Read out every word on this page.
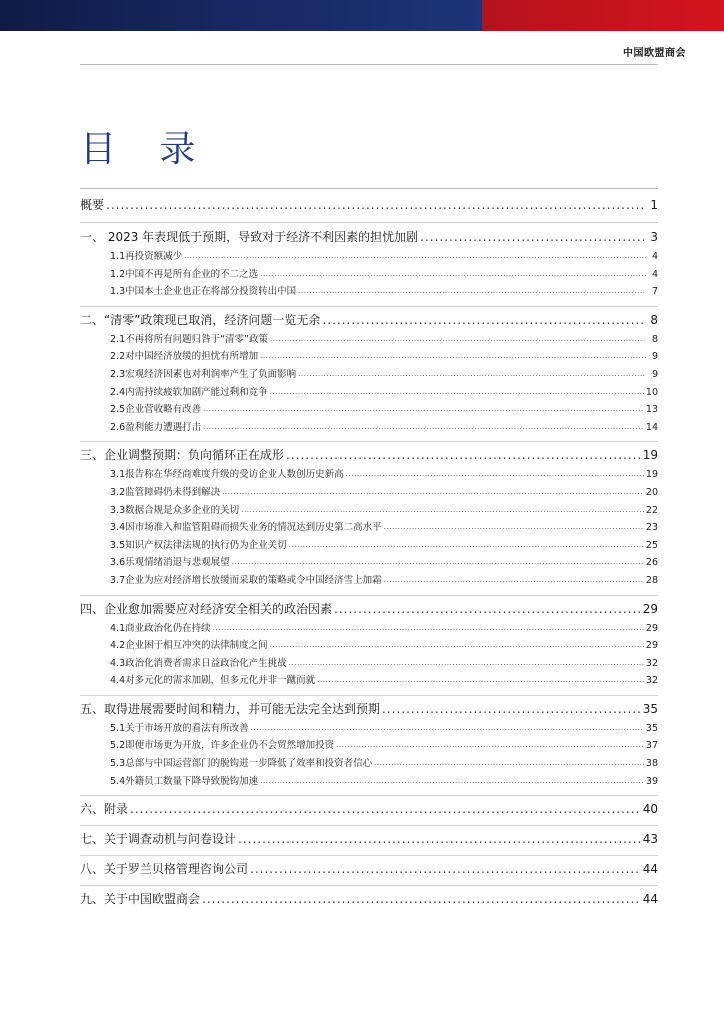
中国欧盟商会
目 录
概要 .....	1
一、 2023 年表现低于预期，导致对于经济不利因素的担忧加剧 .....	3
1.1 再投资额减少 .....	4
1.2 中国不再是所有企业的不二之选 .....	4
1.3 中国本土企业也正在将部分投资转出中国 .....	7
二、“清零”政策现已取消，经济问题一览无余 .....	8
2.1 不再将所有问题归咎于“清零”政策 .....	8
2.2 对中国经济放缓的担忧有所增加 .....	9
2.3 宏观经济因素也对利润率产生了负面影响 .....	9
2.4 内需持续疲软加剧产能过剩和竞争 .....	10
2.5 企业营收略有改善 .....	13
2.6 盈利能力遭遇打击 .....	14
三、企业调整预期：负向循环正在成形 .....	19
3.1 报告称在华经商难度升级的受访企业人数创历史新高 .....	19
3.2 监管障碍仍未得到解决 .....	20
3.3 数据合规是众多企业的关切 .....	22
3.4 因市场准入和监管阻碍而损失业务的情况达到历史第二高水平 .....	23
3.5 知识产权法律法规的执行仍为企业关切 .....	25
3.6 乐观情绪消退与悲观展望 .....	26
3.7 企业为应对经济增长放缓而采取的策略或令中国经济雪上加霜 .....	28
四、企业愈加需要应对经济安全相关的政治因素 .....	29
4.1 商业政治化仍在持续 .....	29
4.2 企业困于相互冲突的法律制度之间 .....	29
4.3 政治化消费者需求日益政治化产生挑战 .....	32
4.4 对多元化的需求加剧，但多元化并非一蹴而就 .....	32
五、取得进展需要时间和精力，并可能无法完全达到预期 .....	35
5.1 关于市场开放的看法有所改善 .....	35
5.2 即便市场更为开放，许多企业仍不会贸然增加投资 .....	37
5.3 总部与中国运营部门的脱钩进一步降低了效率和投资者信心 .....	38
5.4 外籍员工数量下降导致脱钩加速 .....	39
六、附录 .....	40
七、关于调查动机与问卷设计 .....	43
八、关于罗兰贝格管理咨询公司 .....	44
九、关于中国欧盟商会 .....	44
